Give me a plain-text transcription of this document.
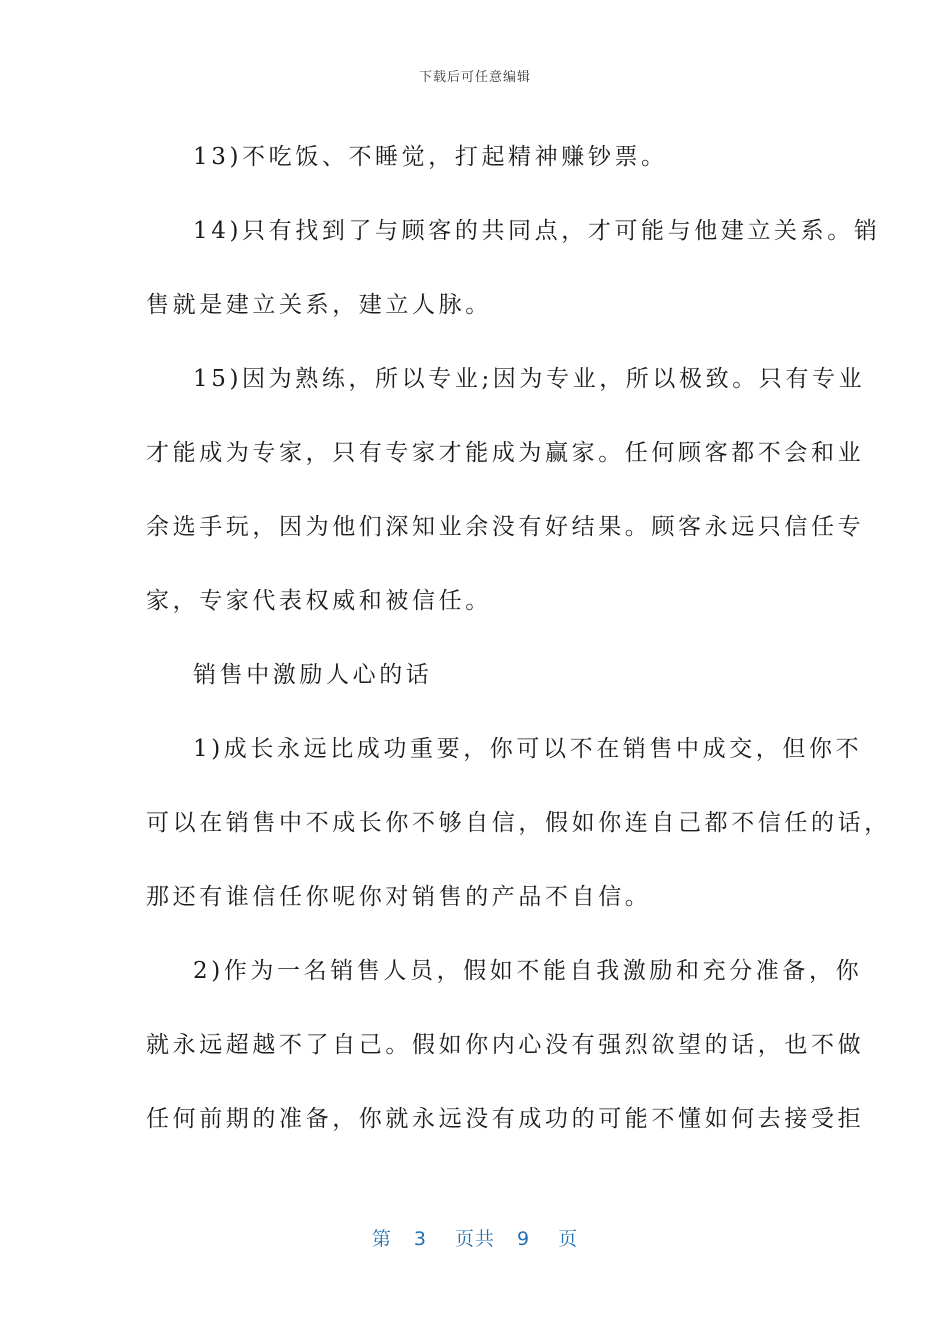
下载后可任意编辑

13)不吃饭、不睡觉，打起精神赚钞票。

14)只有找到了与顾客的共同点，才可能与他建立关系。销
售就是建立关系，建立人脉。

15)因为熟练，所以专业;因为专业，所以极致。只有专业
才能成为专家，只有专家才能成为赢家。任何顾客都不会和业
余选手玩，因为他们深知业余没有好结果。顾客永远只信任专
家，专家代表权威和被信任。

销售中激励人心的话

1)成长永远比成功重要，你可以不在销售中成交，但你不
可以在销售中不成长你不够自信，假如你连自己都不信任的话，
那还有谁信任你呢你对销售的产品不自信。

2)作为一名销售人员，假如不能自我激励和充分准备，你
就永远超越不了自己。假如你内心没有强烈欲望的话，也不做
任何前期的准备，你就永远没有成功的可能不懂如何去接受拒

第 3 页共 9 页
